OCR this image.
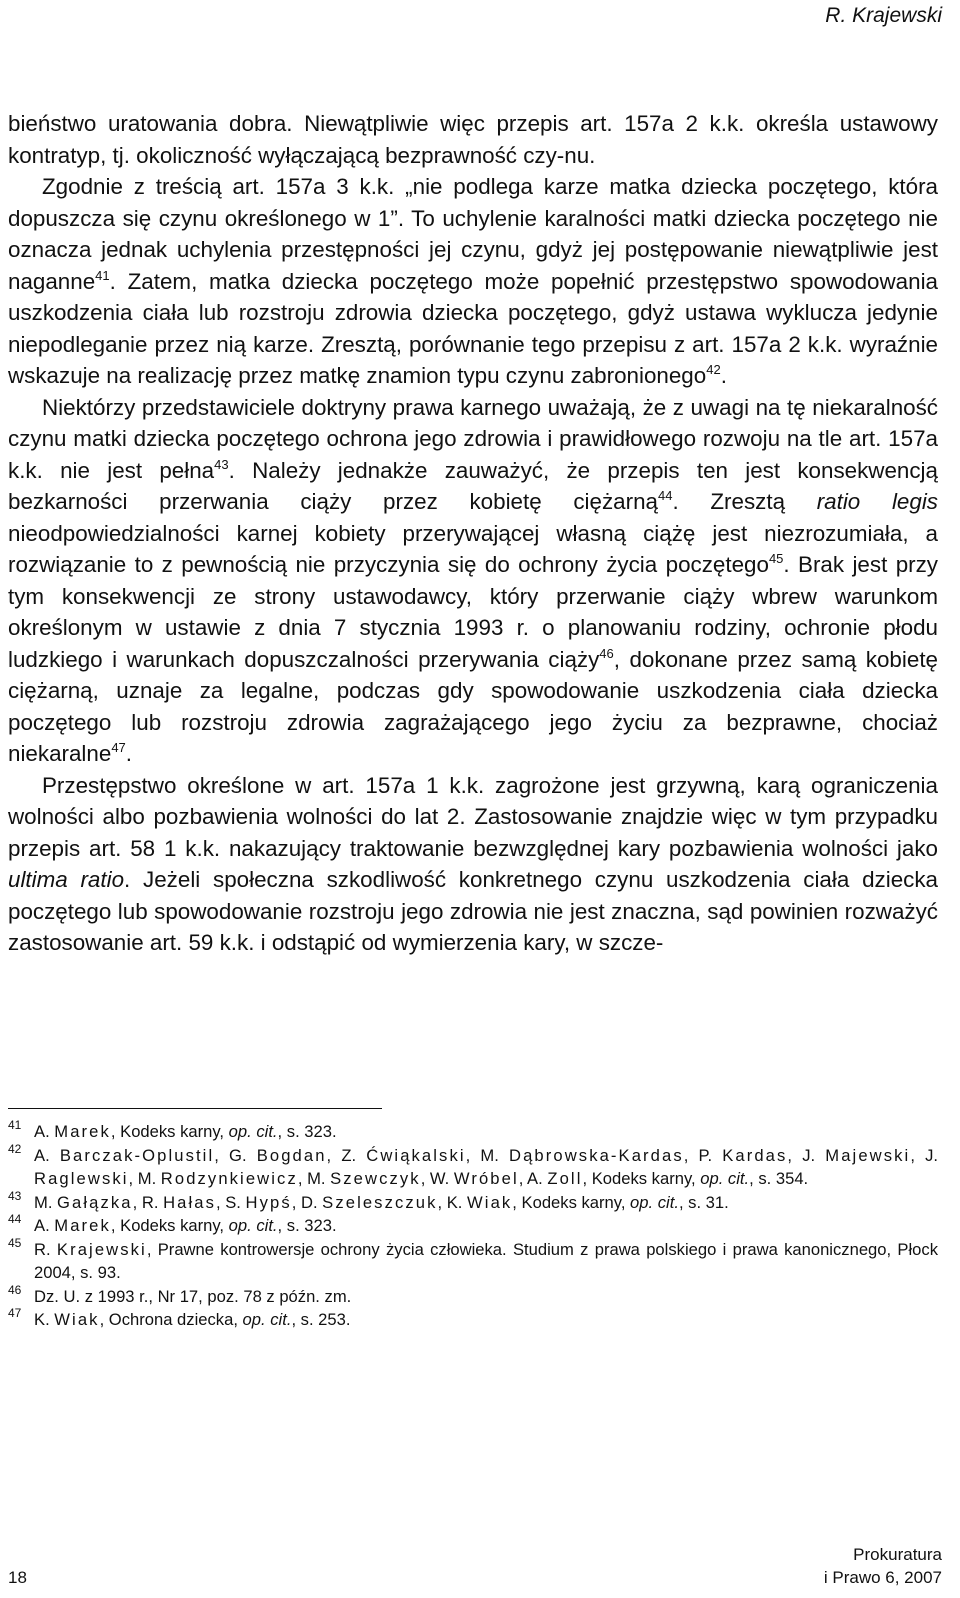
R. Krajewski

bieństwo uratowania dobra. Niewątpliwie więc przepis art. 157a 2 k.k. określa ustawowy kontratyp, tj. okoliczność wyłączającą bezprawność czy-nu.

Zgodnie z treścią art. 157a 3 k.k. „nie podlega karze matka dziecka poczętego, która dopuszcza się czynu określonego w 1”. To uchylenie karalności matki dziecka poczętego nie oznacza jednak uchylenia przestępności jej czynu, gdyż jej postępowanie niewątpliwie jest naganne$^{41}$. Zatem, matka dziecka poczętego może popełnić przestępstwo spowodowania uszkodzenia ciała lub rozstroju zdrowia dziecka poczętego, gdyż ustawa wyklucza jedynie niepodleganie przez nią karze. Zresztą, porównanie tego przepisu z art. 157a 2 k.k. wyraźnie wskazuje na realizację przez matkę znamion typu czynu zabronionego$^{42}$.

Niektórzy przedstawiciele doktryny prawa karnego uważają, że z uwagi na tę niekaralność czynu matki dziecka poczętego ochrona jego zdrowia i prawidłowego rozwoju na tle art. 157a k.k. nie jest pełna$^{43}$. Należy jednakże zauważyć, że przepis ten jest konsekwencją bezkarności przerwania ciąży przez kobietę ciężarną$^{44}$. Zresztą ratio legis nieodpowiedzialności karnej kobiety przerywającej własną ciążę jest niezrozumiała, a rozwiązanie to z pewnością nie przyczynia się do ochrony życia poczętego$^{45}$. Brak jest przy tym konsekwencji ze strony ustawodawcy, który przerwanie ciąży wbrew warunkom określonym w ustawie z dnia 7 stycznia 1993 r. o planowaniu rodziny, ochronie płodu ludzkiego i warunkach dopuszczalności przerywania ciąży$^{46}$, dokonane przez samą kobietę ciężarną, uznaje za legalne, podczas gdy spowodowanie uszkodzenia ciała dziecka poczętego lub rozstroju zdrowia zagrażającego jego życiu za bezprawne, chociaż niekaralne$^{47}$.

Przestępstwo określone w art. 157a 1 k.k. zagrożone jest grzywną, karą ograniczenia wolności albo pozbawienia wolności do lat 2. Zastosowanie znajdzie więc w tym przypadku przepis art. 58 1 k.k. nakazujący traktowanie bezwzględnej kary pozbawienia wolności jako ultima ratio. Jeżeli społeczna szkodliwość konkretnego czynu uszkodzenia ciała dziecka poczętego lub spowodowanie rozstroju jego zdrowia nie jest znaczna, sąd powinien rozważyć zastosowanie art. 59 k.k. i odstąpić od wymierzenia kary, w szcze-

41 A. Marek, Kodeks karny, op. cit., s. 323.
42 A. Barczak-Oplustil, G. Bogdan, Z. Ćwiąkalski, M. Dąbrowska-Kardas, P. Kardas, J. Majewski, J. Raglewski, M. Rodzynkiewicz, M. Szewczyk, W. Wróbel, A. Zoll, Kodeks karny, op. cit., s. 354.
43 M. Gałązka, R. Hałas, S. Hypś, D. Szeleszczuk, K. Wiak, Kodeks karny, op. cit., s. 31.
44 A. Marek, Kodeks karny, op. cit., s. 323.
45 R. Krajewski, Prawne kontrowersje ochrony życia człowieka. Studium z prawa polskiego i prawa kanonicznego, Płock 2004, s. 93.
46 Dz. U. z 1993 r., Nr 17, poz. 78 z późn. zm.
47 K. Wiak, Ochrona dziecka, op. cit., s. 253.
18
Prokuratura
i Prawo 6, 2007
